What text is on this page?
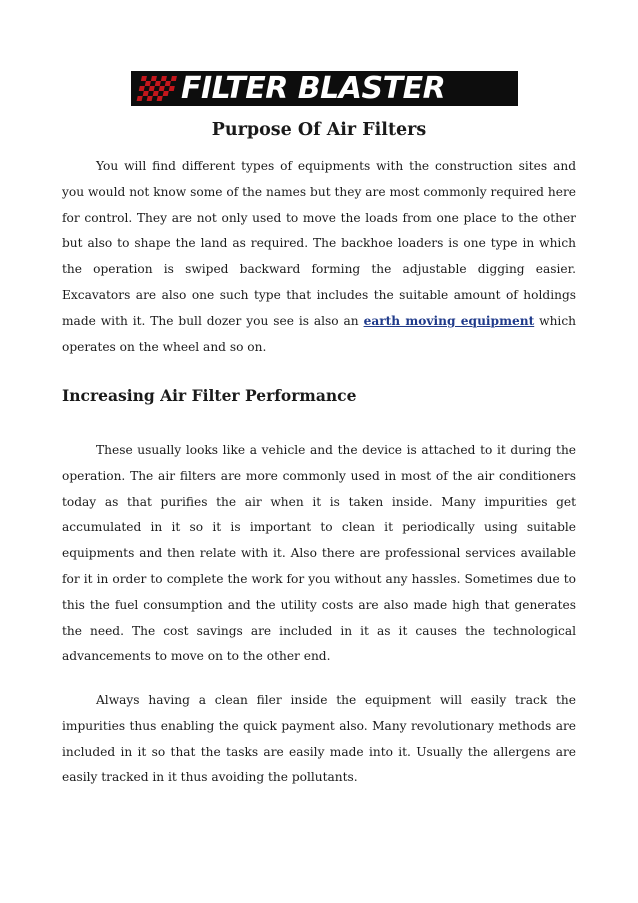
FILTER BLASTER
Purpose Of Air Filters

You will find different types of equipments with the construction sites and you would not know some of the names but they are most commonly required here for control. They are not only used to move the loads from one place to the other but also to shape the land as required. The backhoe loaders is one type in which the operation is swiped backward forming the adjustable digging easier. Excavators are also one such type that includes the suitable amount of holdings made with it. The bull dozer you see is also an earth moving equipment which operates on the wheel and so on.

Increasing Air Filter Performance

These usually looks like a vehicle and the device is attached to it during the operation. The air filters are more commonly used in most of the air conditioners today as that purifies the air when it is taken inside. Many impurities get accumulated in it so it is important to clean it periodically using suitable equipments and then relate with it. Also there are professional services available for it in order to complete the work for you without any hassles. Sometimes due to this the fuel consumption and the utility costs are also made high that generates the need. The cost savings are included in it as it causes the technological advancements to move on to the other end.

Always having a clean filer inside the equipment will easily track the impurities thus enabling the quick payment also. Many revolutionary methods are included in it so that the tasks are easily made into it. Usually the allergens are easily tracked in it thus avoiding the pollutants.
